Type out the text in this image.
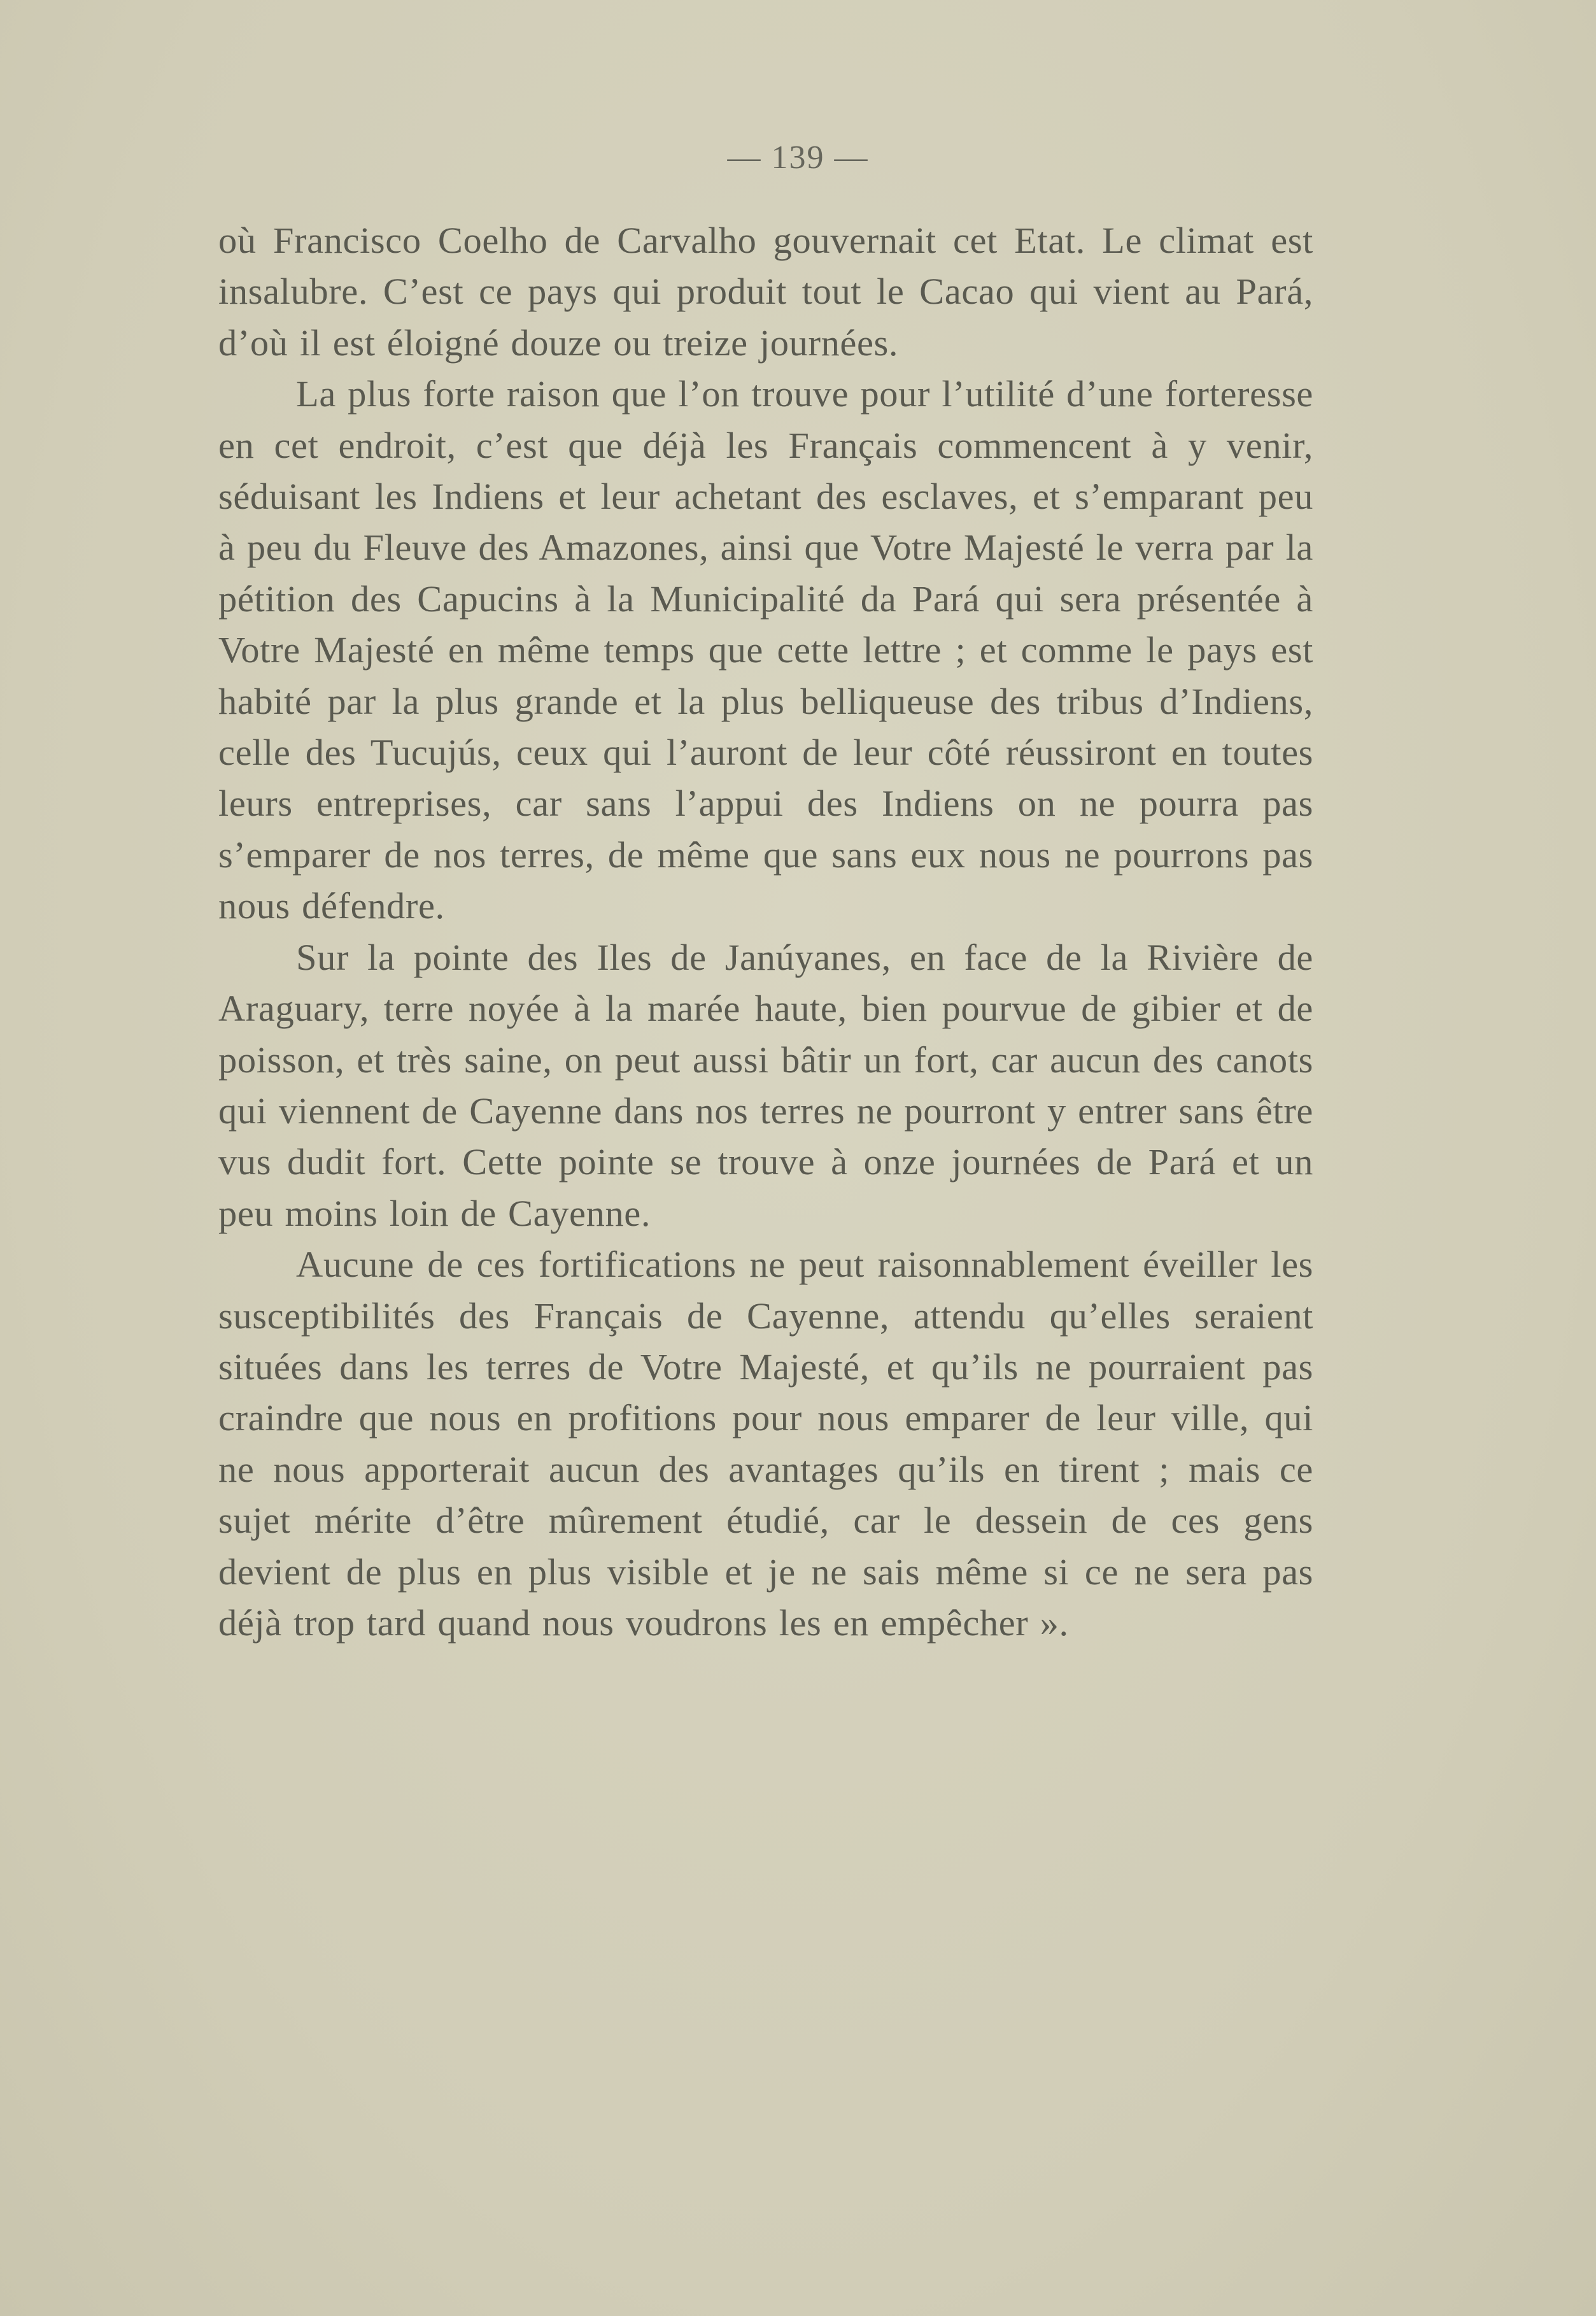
— 139 —

où Francisco Coelho de Carvalho gouvernait cet Etat. Le climat est insalubre. C’est ce pays qui produit tout le Cacao qui vient au Pará, d’où il est éloigné douze ou treize journées.

La plus forte raison que l’on trouve pour l’utilité d’une forteresse en cet endroit, c’est que déjà les Français commencent à y venir, séduisant les Indiens et leur achetant des esclaves, et s’emparant peu à peu du Fleuve des Amazones, ainsi que Votre Majesté le verra par la pétition des Capucins à la Municipalité da Pará qui sera présentée à Votre Majesté en même temps que cette lettre ; et comme le pays est habité par la plus grande et la plus belliqueuse des tribus d’Indiens, celle des Tucujús, ceux qui l’auront de leur côté réussiront en toutes leurs entreprises, car sans l’appui des Indiens on ne pourra pas s’emparer de nos terres, de même que sans eux nous ne pourrons pas nous défendre.

Sur la pointe des Iles de Janúyanes, en face de la Rivière de Araguary, terre noyée à la marée haute, bien pourvue de gibier et de poisson, et très saine, on peut aussi bâtir un fort, car aucun des canots qui viennent de Cayenne dans nos terres ne pourront y entrer sans être vus dudit fort. Cette pointe se trouve à onze journées de Pará et un peu moins loin de Cayenne.

Aucune de ces fortifications ne peut raisonnablement éveiller les susceptibilités des Français de Cayenne, attendu qu’elles seraient situées dans les terres de Votre Majesté, et qu’ils ne pourraient pas craindre que nous en profitions pour nous emparer de leur ville, qui ne nous apporterait aucun des avantages qu’ils en tirent ; mais ce sujet mérite d’être mûrement étudié, car le dessein de ces gens devient de plus en plus visible et je ne sais même si ce ne sera pas déjà trop tard quand nous voudrons les en empêcher ».
